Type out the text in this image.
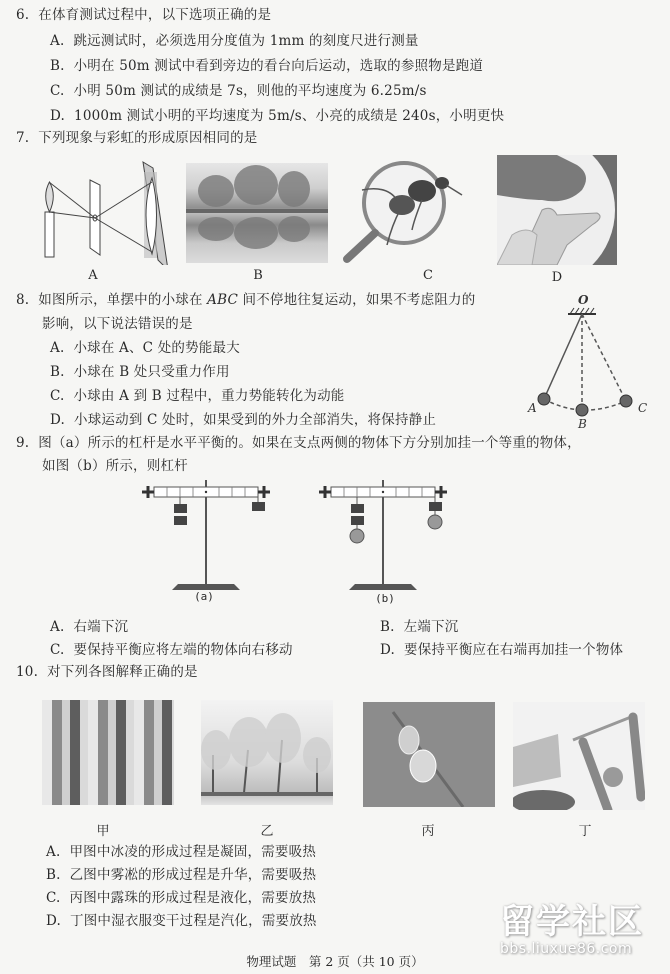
6. 在体育测试过程中，以下选项正确的是
A. 跳远测试时，必须选用分度值为 1mm 的刻度尺进行测量
B. 小明在 50m 测试中看到旁边的看台向后运动，选取的参照物是跑道
C. 小明 50m 测试的成绩是 7s，则他的平均速度为 6.25m/s
D. 1000m 测试小明的平均速度为 5m/s、小亮的成绩是 240s，小明更快
7. 下列现象与彩虹的形成原因相同的是
A	B	C	D
8. 如图所示，单摆中的小球在 ABC 间不停地往复运动，如果不考虑阻力的
影响，以下说法错误的是
A. 小球在 A、C 处的势能最大
B. 小球在 B 处只受重力作用
C. 小球由 A 到 B 过程中，重力势能转化为动能
D. 小球运动到 C 处时，如果受到的外力全部消失，将保持静止
O
A
B
C
9. 图（a）所示的杠杆是水平平衡的。如果在支点两侧的物体下方分别加挂一个等重的物体，
如图（b）所示，则杠杆
(a)	(b)
A. 右端下沉	B. 左端下沉
C. 要保持平衡应将左端的物体向右移动	D. 要保持平衡应在右端再加挂一个物体
10. 对下列各图解释正确的是
甲	乙	丙	丁
A. 甲图中冰凌的形成过程是凝固，需要吸热
B. 乙图中雾凇的形成过程是升华，需要吸热
C. 丙图中露珠的形成过程是液化，需要放热
D. 丁图中湿衣服变干过程是汽化，需要放热
物理试题　第 2 页（共 10 页）
留学社区
bbs.liuxue86.com
